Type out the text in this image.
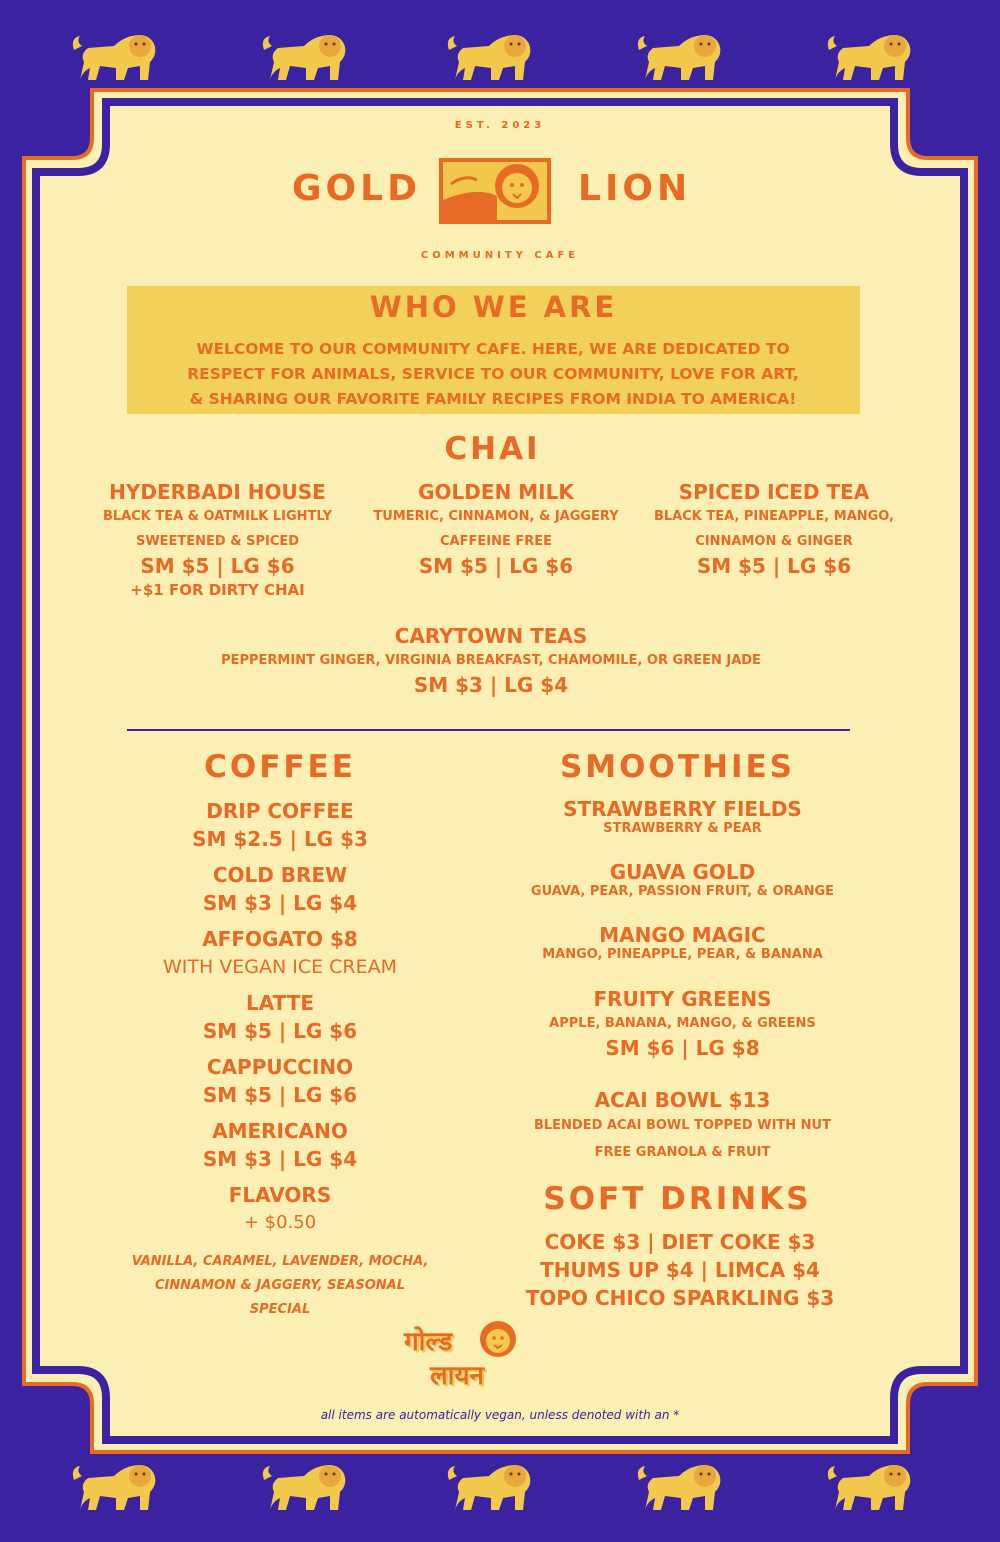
EST. 2023
GOLD	LION
COMMUNITY CAFE
WHO WE ARE
WELCOME TO OUR COMMUNITY CAFE. HERE, WE ARE DEDICATED TO
RESPECT FOR ANIMALS, SERVICE TO OUR COMMUNITY, LOVE FOR ART,
& SHARING OUR FAVORITE FAMILY RECIPES FROM INDIA TO AMERICA!
CHAI
HYDERBADI HOUSE
BLACK TEA & OATMILK LIGHTLY
SWEETENED & SPICED
SM $5 | LG $6
+$1 FOR DIRTY CHAI
GOLDEN MILK
TUMERIC, CINNAMON, & JAGGERY
CAFFEINE FREE
SM $5 | LG $6
SPICED ICED TEA
BLACK TEA, PINEAPPLE, MANGO,
CINNAMON & GINGER
SM $5 | LG $6
CARYTOWN TEAS
PEPPERMINT GINGER, VIRGINIA BREAKFAST, CHAMOMILE, OR GREEN JADE
SM $3 | LG $4
COFFEE
DRIP COFFEE
SM $2.5 | LG $3
COLD BREW
SM $3 | LG $4
AFFOGATO $8
WITH VEGAN ICE CREAM
LATTE
SM $5 | LG $6
CAPPUCCINO
SM $5 | LG $6
AMERICANO
SM $3 | LG $4
FLAVORS
+ $0.50
VANILLA, CARAMEL, LAVENDER, MOCHA,
CINNAMON & JAGGERY, SEASONAL SPECIAL
SMOOTHIES
STRAWBERRY FIELDS
STRAWBERRY & PEAR
GUAVA GOLD
GUAVA, PEAR, PASSION FRUIT, & ORANGE
MANGO MAGIC
MANGO, PINEAPPLE, PEAR, & BANANA
FRUITY GREENS
APPLE, BANANA, MANGO, & GREENS
SM $6 | LG $8
ACAI BOWL $13
BLENDED ACAI BOWL TOPPED WITH NUT
FREE GRANOLA & FRUIT
SOFT DRINKS
COKE $3 | DIET COKE $3
THUMS UP $4 | LIMCA $4
TOPO CHICO SPARKLING $3
गोल्ड
लायन
all items are automatically vegan, unless denoted with an *
